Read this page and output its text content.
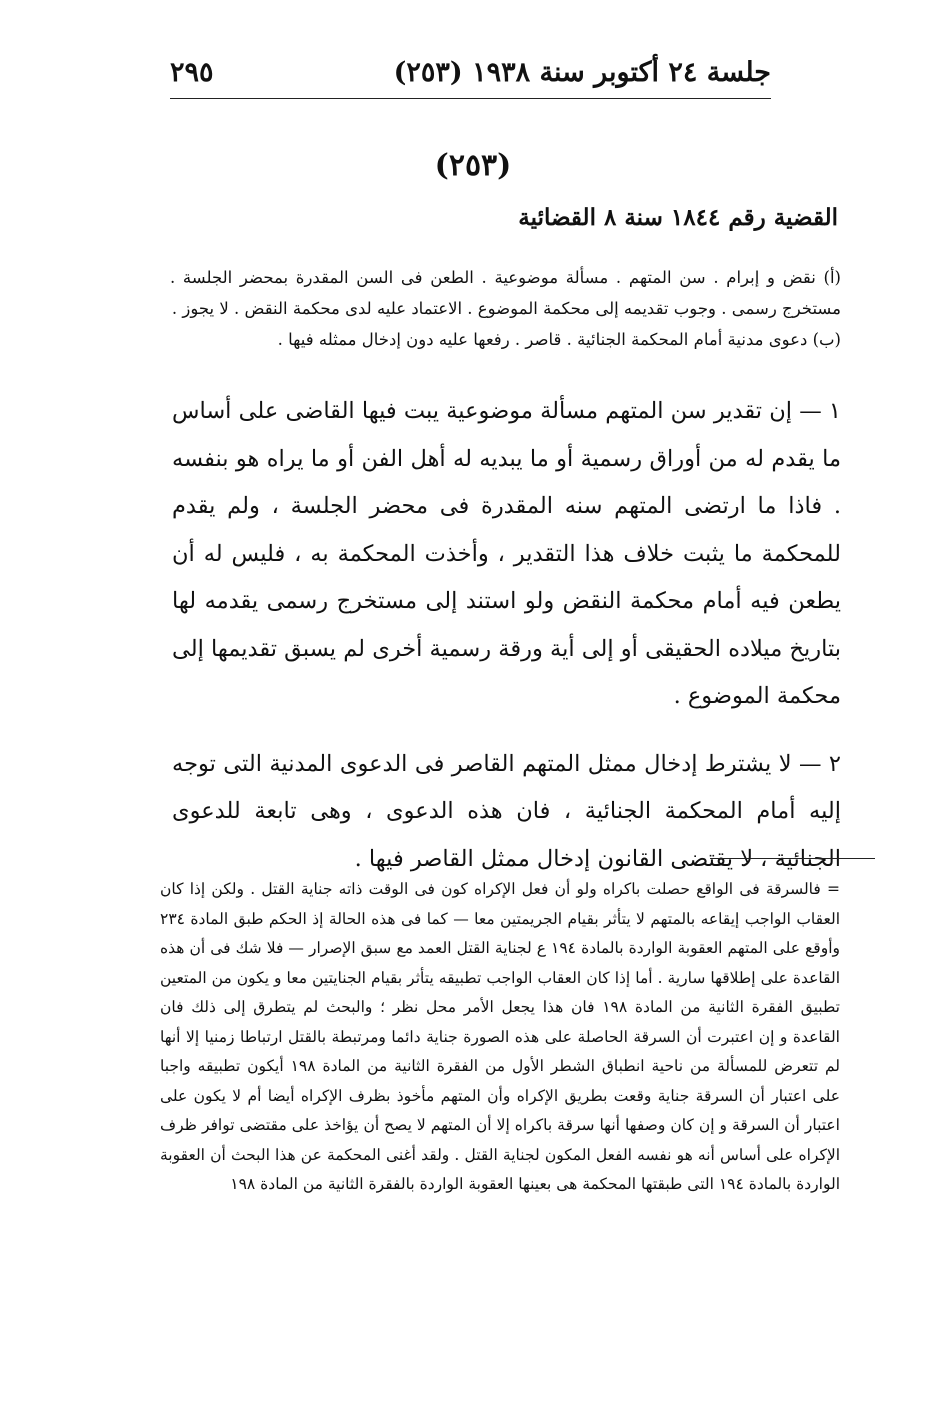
جلسة ٢٤ أكتوبر سنة ١٩٣٨ (٢٥٣)
٢٩٥
(٢٥٣)
القضية رقم ١٨٤٤ سنة ٨ القضائية

(أ) نقض و إبرام . سن المتهم . مسألة موضوعية . الطعن فى السن المقدرة بمحضر الجلسة . مستخرج رسمى . وجوب تقديمه إلى محكمة الموضوع . الاعتماد عليه لدى محكمة النقض . لا يجوز .

(ب) دعوى مدنية أمام المحكمة الجنائية . قاصر . رفعها عليه دون إدخال ممثله فيها .

١ — إن تقدير سن المتهم مسألة موضوعية يبت فيها القاضى على أساس ما يقدم له من أوراق رسمية أو ما يبديه له أهل الفن أو ما يراه هو بنفسه . فاذا ما ارتضى المتهم سنه المقدرة فى محضر الجلسة ، ولم يقدم للمحكمة ما يثبت خلاف هذا التقدير ، وأخذت المحكمة به ، فليس له أن يطعن فيه أمام محكمة النقض ولو استند إلى مستخرج رسمى يقدمه لها بتاريخ ميلاده الحقيقى أو إلى أية ورقة رسمية أخرى لم يسبق تقديمها إلى محكمة الموضوع .

٢ — لا يشترط إدخال ممثل المتهم القاصر فى الدعوى المدنية التى توجه إليه أمام المحكمة الجنائية ، فان هذه الدعوى ، وهى تابعة للدعوى الجنائية ، لا يقتضى القانون إدخال ممثل القاصر فيها .

= فالسرقة فى الواقع حصلت باكراه ولو أن فعل الإكراه كون فى الوقت ذاته جناية القتل . ولكن إذا كان العقاب الواجب إيقاعه بالمتهم لا يتأثر بقيام الجريمتين معا — كما فى هذه الحالة إذ الحكم طبق المادة ٢٣٤ وأوقع على المتهم العقوبة الواردة بالمادة ١٩٤ ع لجناية القتل العمد مع سبق الإصرار — فلا شك فى أن هذه القاعدة على إطلاقها سارية . أما إذا كان العقاب الواجب تطبيقه يتأثر بقيام الجنايتين معا و يكون من المتعين تطبيق الفقرة الثانية من المادة ١٩٨ فان هذا يجعل الأمر محل نظر ؛ والبحث لم يتطرق إلى ذلك فان القاعدة و إن اعتبرت أن السرقة الحاصلة على هذه الصورة جناية دائما ومرتبطة بالقتل ارتباطا زمنيا إلا أنها لم تتعرض للمسألة من ناحية انطباق الشطر الأول من الفقرة الثانية من المادة ١٩٨ أيكون تطبيقه واجبا على اعتبار أن السرقة جناية وقعت بطريق الإكراه وأن المتهم مأخوذ بظرف الإكراه أيضا أم لا يكون على اعتبار أن السرقة و إن كان وصفها أنها سرقة باكراه إلا أن المتهم لا يصح أن يؤاخذ على مقتضى توافر ظرف الإكراه على أساس أنه هو نفسه الفعل المكون لجناية القتل . ولقد أغنى المحكمة عن هذا البحث أن العقوبة الواردة بالمادة ١٩٤ التى طبقتها المحكمة هى بعينها العقوبة الواردة بالفقرة الثانية من المادة ١٩٨
